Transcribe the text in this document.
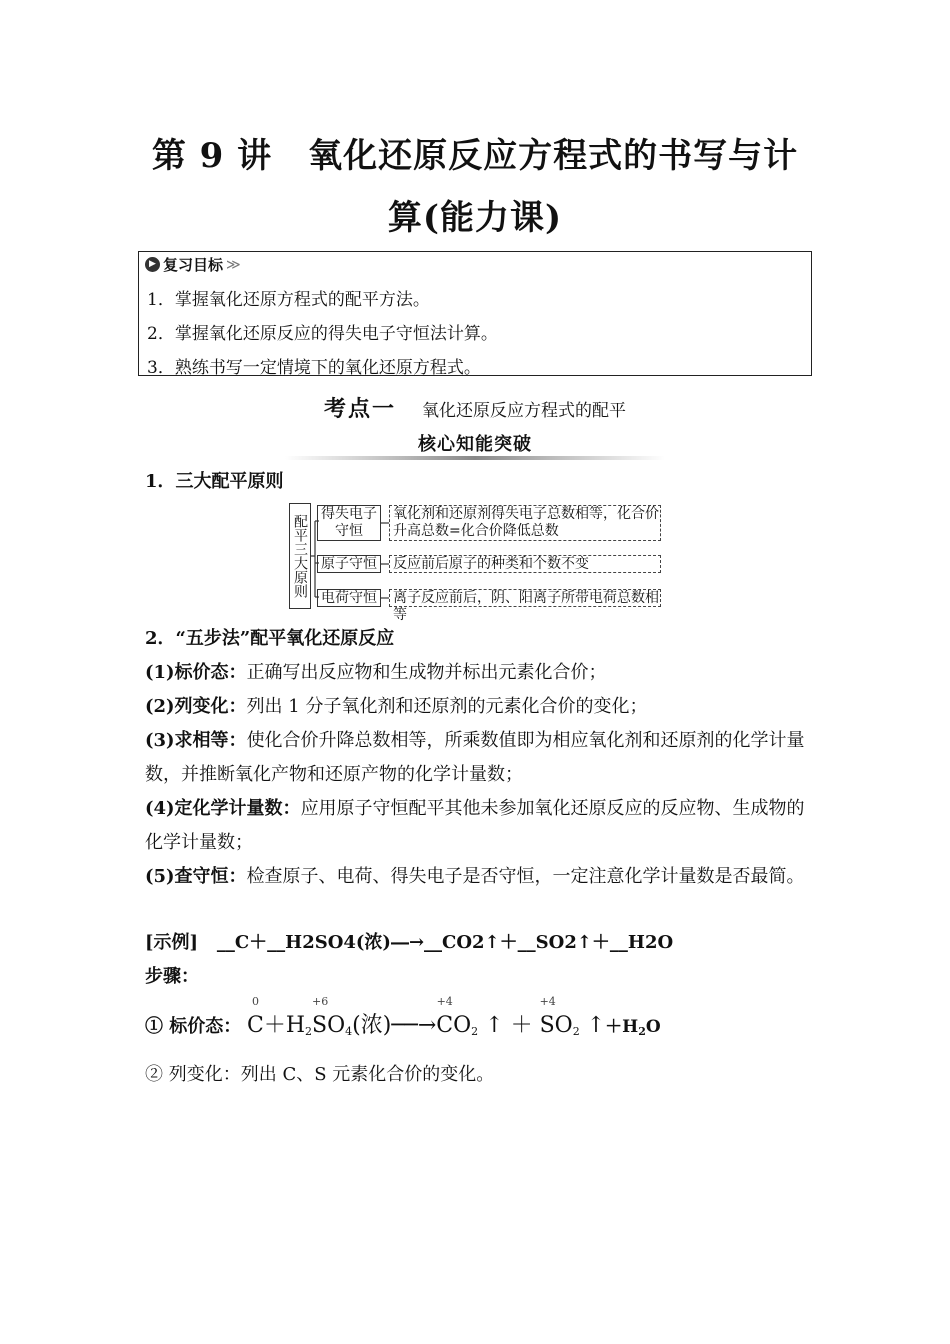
第 9 讲 氧化还原反应方程式的书写与计
算(能力课)
▶ 复习目标 ≫
1．掌握氧化还原方程式的配平方法。
2．掌握氧化还原反应的得失电子守恒法计算。
3．熟练书写一定情境下的氧化还原方程式。
考点一 氧化还原反应方程式的配平
核心知能突破
1．三大配平原则
配平三大原则 得失电子守恒
原子守恒
电荷守恒
氧化剂和还原剂得失电子总数相等，化合价升高总数=化合价降低总数
反应前后原子的种类和个数不变
离子反应前后，阴、阳离子所带电荷总数相等
2．“五步法”配平氧化还原反应
(1)标价态：正确写出反应物和生成物并标出元素化合价；
(2)列变化：列出 1 分子氧化剂和还原剂的元素化合价的变化；
(3)求相等：使化合价升降总数相等，所乘数值即为相应氧化剂和还原剂的化学计量数，并推断氧化产物和还原产物的化学计量数；
(4)定化学计量数：应用原子守恒配平其他未参加氧化还原反应的反应物、生成物的化学计量数；
(5)查守恒：检查原子、电荷、得失电子是否守恒，一定注意化学计量数是否最简。
[示例] __C＋__H2SO4(浓)―→__CO2↑＋__SO2↑＋__H2O
步骤：
① 标价态： C
0
$+H_2S$
+6
$O_4$(浓)──→C
+4
$O_2$ ↑ ＋ S
+4
$O_2$ $↑+H_2O$
② 列变化：列出 C、S 元素化合价的变化。
